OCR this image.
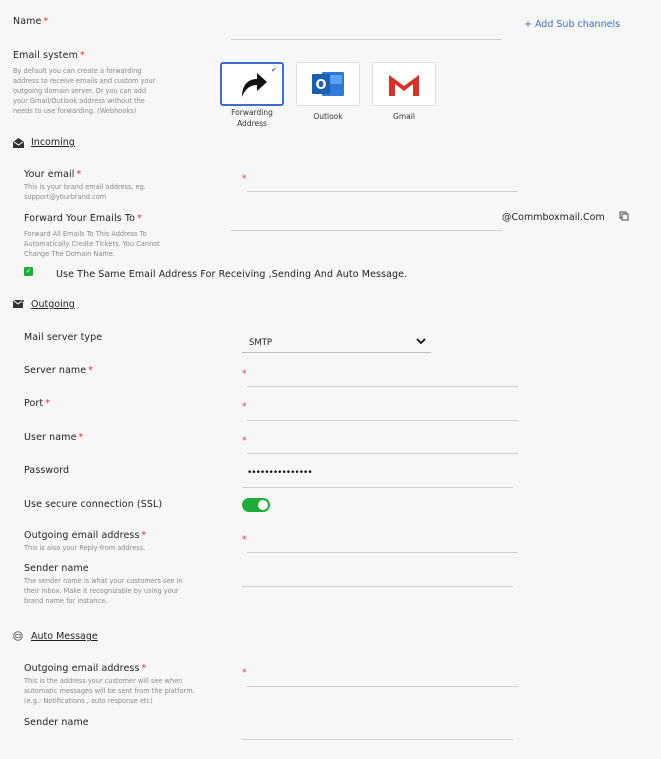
Name *	+ Add Sub channels
Email system *
By default you can create a forwarding address to receive emails and custom your outgoing domain server. Or you can add your Gmail/Outlook address without the needs to use forwarding. (Webhooks)
✔
Forwarding Address
O
Outlook	Gmail
Incoming
Your email *
This is your brand email address, eg. support@yourbrand.com
*
Forward Your Emails To *
Forward All Emails To This Address To Automatically Create Tickets. You Cannot Change The Domain Name.
@Commboxmail.Com
✓	Use The Same Email Address For Receiving ,Sending And Auto Message.
Outgoing
Mail server type	SMTP
Server name *	*
Port *	*
User name *	*
Password	•••••••••••••••
Use secure connection (SSL)
Outgoing email address *
This is also your Reply-from address.
*
Sender name
The sender name is what your customers see in their inbox. Make it recognizable by using your brand name for instance.
Auto Message
Outgoing email address *
This is the address your customer will see when automatic messages will be sent from the platform. (e.g.: Notifications , auto response etc)
*
Sender name
